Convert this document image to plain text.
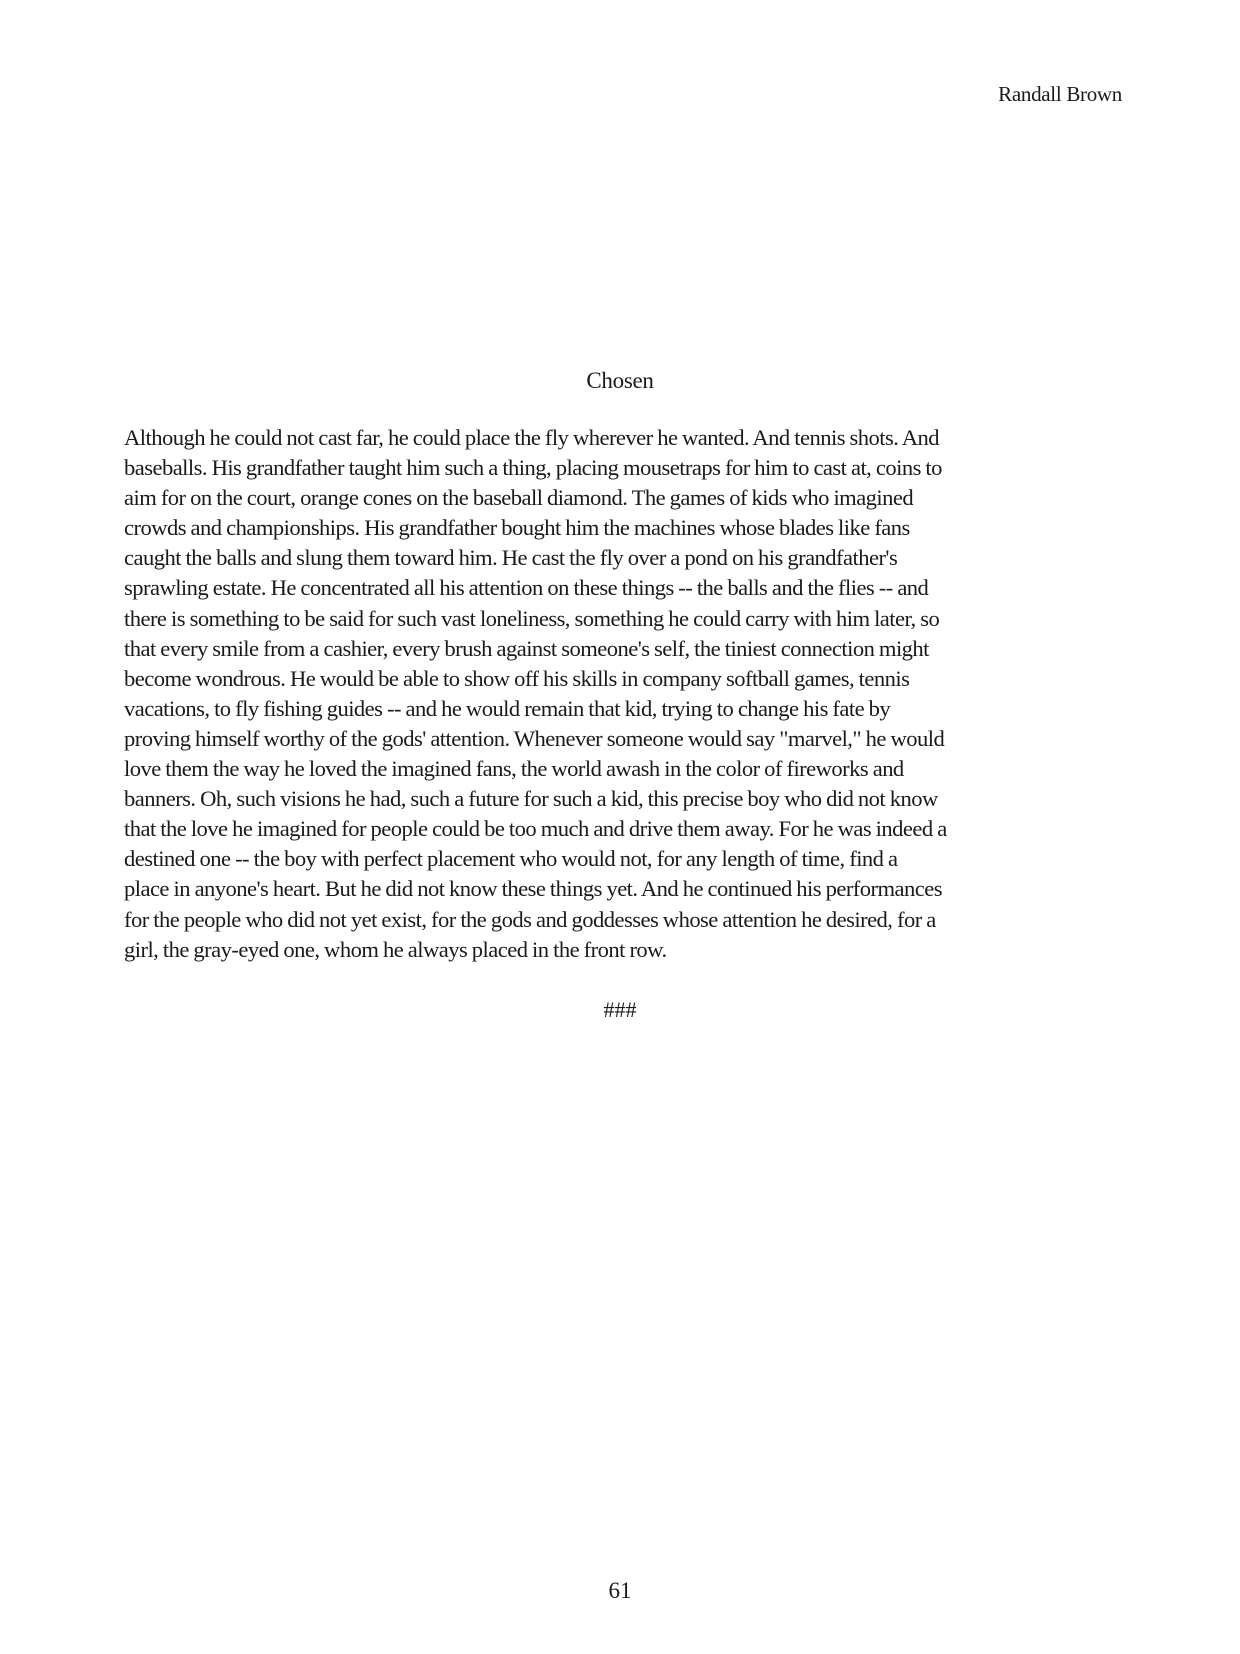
Randall Brown
Chosen
Although he could not cast far, he could place the fly wherever he wanted. And tennis shots. And
baseballs. His grandfather taught him such a thing, placing mousetraps for him to cast at, coins to
aim for on the court, orange cones on the baseball diamond. The games of kids who imagined
crowds and championships. His grandfather bought him the machines whose blades like fans
caught the balls and slung them toward him. He cast the fly over a pond on his grandfather's
sprawling estate. He concentrated all his attention on these things -- the balls and the flies -- and
there is something to be said for such vast loneliness, something he could carry with him later, so
that every smile from a cashier, every brush against someone's self, the tiniest connection might
become wondrous. He would be able to show off his skills in company softball games, tennis
vacations, to fly fishing guides -- and he would remain that kid, trying to change his fate by
proving himself worthy of the gods' attention. Whenever someone would say "marvel," he would
love them the way he loved the imagined fans, the world awash in the color of fireworks and
banners. Oh, such visions he had, such a future for such a kid, this precise boy who did not know
that the love he imagined for people could be too much and drive them away. For he was indeed a
destined one -- the boy with perfect placement who would not, for any length of time, find a
place in anyone's heart. But he did not know these things yet. And he continued his performances
for the people who did not yet exist, for the gods and goddesses whose attention he desired, for a
girl, the gray-eyed one, whom he always placed in the front row.
###
61
